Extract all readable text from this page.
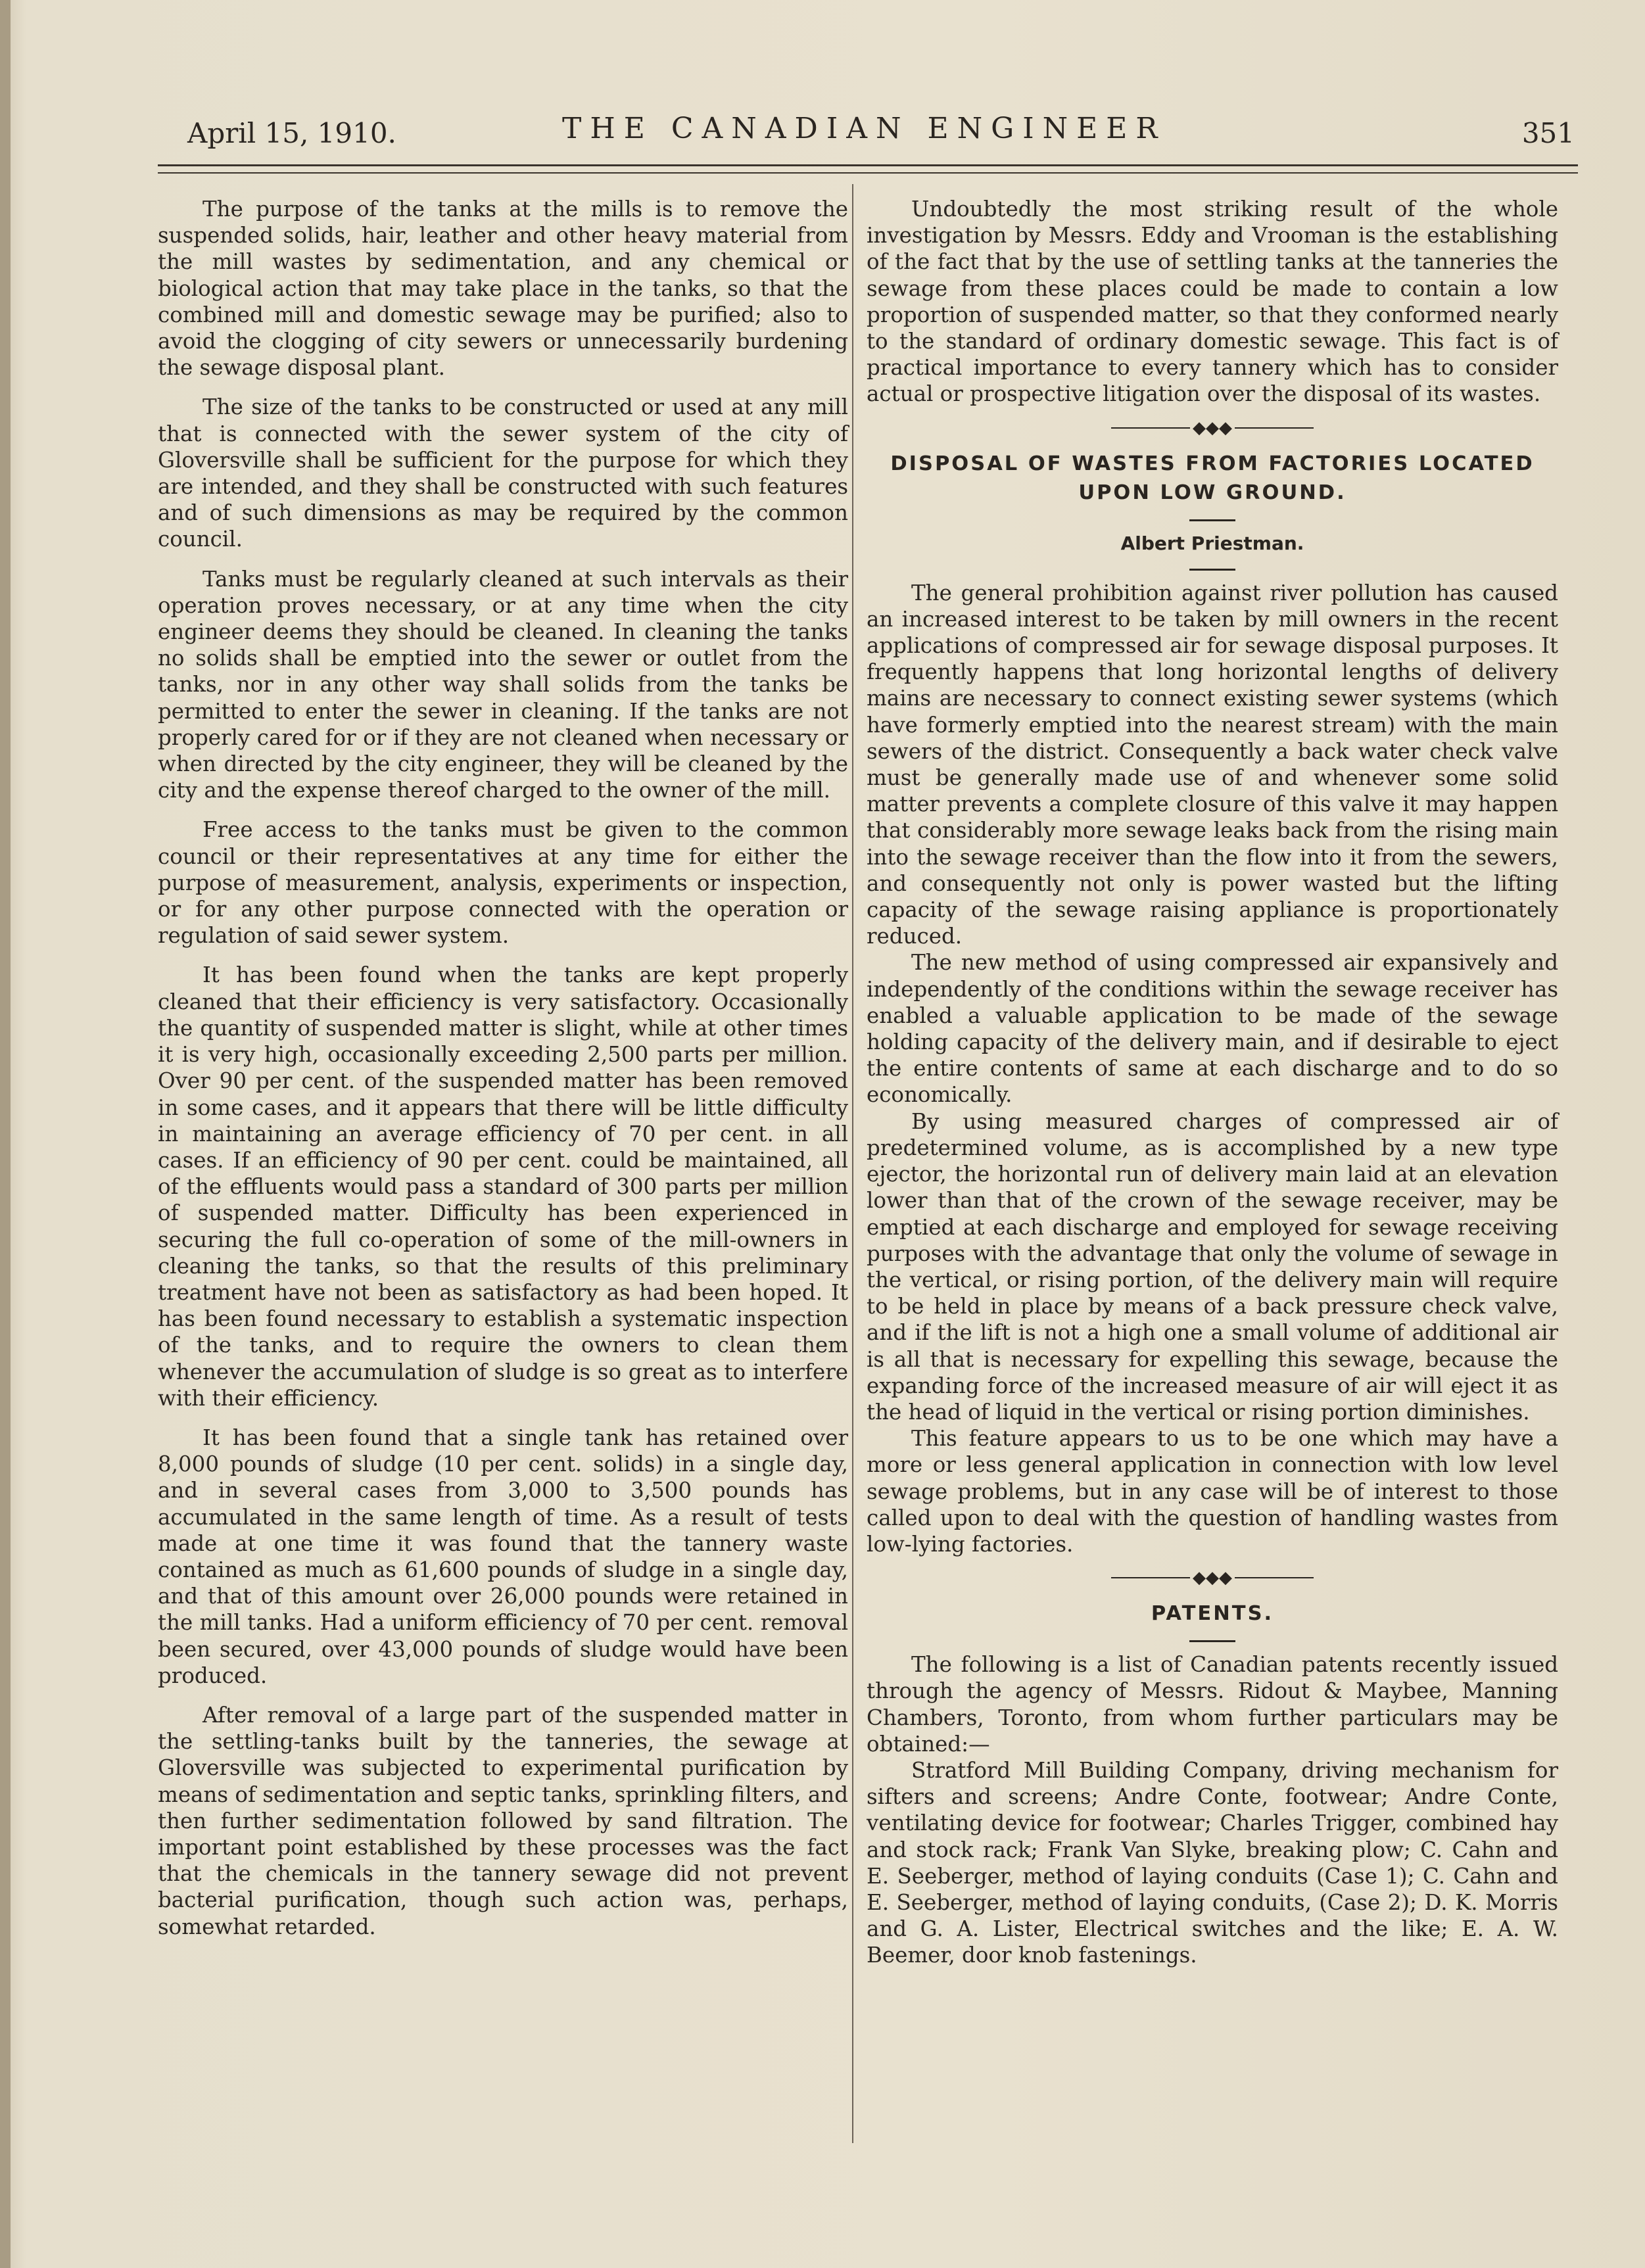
April 15, 1910.	THE CANADIAN ENGINEER	351

The purpose of the tanks at the mills is to remove the suspended solids, hair, leather and other heavy material from the mill wastes by sedimentation, and any chemical or biological action that may take place in the tanks, so that the combined mill and domestic sewage may be purified; also to avoid the clogging of city sewers or unnecessarily burdening the sewage disposal plant.

The size of the tanks to be constructed or used at any mill that is connected with the sewer system of the city of Gloversville shall be sufficient for the purpose for which they are intended, and they shall be constructed with such features and of such dimensions as may be required by the common council.

Tanks must be regularly cleaned at such intervals as their operation proves necessary, or at any time when the city engineer deems they should be cleaned. In cleaning the tanks no solids shall be emptied into the sewer or outlet from the tanks, nor in any other way shall solids from the tanks be permitted to enter the sewer in cleaning. If the tanks are not properly cared for or if they are not cleaned when necessary or when directed by the city engineer, they will be cleaned by the city and the expense thereof charged to the owner of the mill.

Free access to the tanks must be given to the common council or their representatives at any time for either the purpose of measurement, analysis, experiments or inspection, or for any other purpose connected with the operation or regulation of said sewer system.

It has been found when the tanks are kept properly cleaned that their efficiency is very satisfactory. Occasionally the quantity of suspended matter is slight, while at other times it is very high, occasionally exceeding 2,500 parts per million. Over 90 per cent. of the suspended matter has been removed in some cases, and it appears that there will be little difficulty in maintaining an average efficiency of 70 per cent. in all cases. If an efficiency of 90 per cent. could be maintained, all of the effluents would pass a standard of 300 parts per million of suspended matter. Difficulty has been experienced in securing the full co-operation of some of the mill-owners in cleaning the tanks, so that the results of this preliminary treatment have not been as satisfactory as had been hoped. It has been found necessary to establish a systematic inspection of the tanks, and to require the owners to clean them whenever the accumulation of sludge is so great as to interfere with their efficiency.

It has been found that a single tank has retained over 8,000 pounds of sludge (10 per cent. solids) in a single day, and in several cases from 3,000 to 3,500 pounds has accumulated in the same length of time. As a result of tests made at one time it was found that the tannery waste contained as much as 61,600 pounds of sludge in a single day, and that of this amount over 26,000 pounds were retained in the mill tanks. Had a uniform efficiency of 70 per cent. removal been secured, over 43,000 pounds of sludge would have been produced.

After removal of a large part of the suspended matter in the settling-tanks built by the tanneries, the sewage at Gloversville was subjected to experimental purification by means of sedimentation and septic tanks, sprinkling filters, and then further sedimentation followed by sand filtration. The important point established by these processes was the fact that the chemicals in the tannery sewage did not prevent bacterial purification, though such action was, perhaps, somewhat retarded.

Undoubtedly the most striking result of the whole investigation by Messrs. Eddy and Vrooman is the establishing of the fact that by the use of settling tanks at the tanneries the sewage from these places could be made to contain a low proportion of suspended matter, so that they conformed nearly to the standard of ordinary domestic sewage. This fact is of practical importance to every tannery which has to consider actual or prospective litigation over the disposal of its wastes.

◆◆◆
DISPOSAL OF WASTES FROM FACTORIES LOCATED UPON LOW GROUND.
Albert Priestman.

The general prohibition against river pollution has caused an increased interest to be taken by mill owners in the recent applications of compressed air for sewage disposal purposes. It frequently happens that long horizontal lengths of delivery mains are necessary to connect existing sewer systems (which have formerly emptied into the nearest stream) with the main sewers of the district. Consequently a back water check valve must be generally made use of and whenever some solid matter prevents a complete closure of this valve it may happen that considerably more sewage leaks back from the rising main into the sewage receiver than the flow into it from the sewers, and consequently not only is power wasted but the lifting capacity of the sewage raising appliance is proportionately reduced.

The new method of using compressed air expansively and independently of the conditions within the sewage receiver has enabled a valuable application to be made of the sewage holding capacity of the delivery main, and if desirable to eject the entire contents of same at each discharge and to do so economically.

By using measured charges of compressed air of predetermined volume, as is accomplished by a new type ejector, the horizontal run of delivery main laid at an elevation lower than that of the crown of the sewage receiver, may be emptied at each discharge and employed for sewage receiving purposes with the advantage that only the volume of sewage in the vertical, or rising portion, of the delivery main will require to be held in place by means of a back pressure check valve, and if the lift is not a high one a small volume of additional air is all that is necessary for expelling this sewage, because the expanding force of the increased measure of air will eject it as the head of liquid in the vertical or rising portion diminishes.

This feature appears to us to be one which may have a more or less general application in connection with low level sewage problems, but in any case will be of interest to those called upon to deal with the question of handling wastes from low-lying factories.

◆◆◆
PATENTS.

The following is a list of Canadian patents recently issued through the agency of Messrs. Ridout & Maybee, Manning Chambers, Toronto, from whom further particulars may be obtained:—

Stratford Mill Building Company, driving mechanism for sifters and screens; Andre Conte, footwear; Andre Conte, ventilating device for footwear; Charles Trigger, combined hay and stock rack; Frank Van Slyke, breaking plow; C. Cahn and E. Seeberger, method of laying conduits (Case 1); C. Cahn and E. Seeberger, method of laying conduits, (Case 2); D. K. Morris and G. A. Lister, Electrical switches and the like; E. A. W. Beemer, door knob fastenings.
